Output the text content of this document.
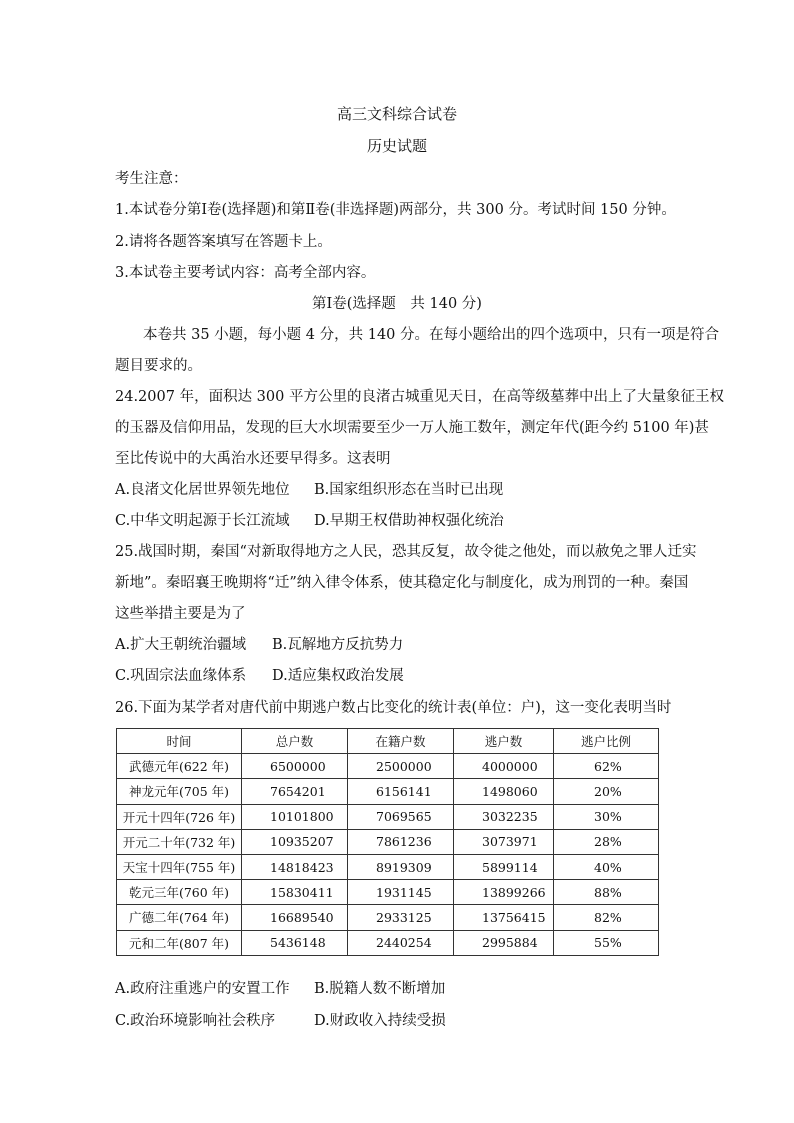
高三文科综合试卷
历史试题
考生注意：
1.本试卷分第Ⅰ卷(选择题)和第Ⅱ卷(非选择题)两部分，共 300 分。考试时间 150 分钟。
2.请将各题答案填写在答题卡上。
3.本试卷主要考试内容：高考全部内容。
第Ⅰ卷(选择题　共 140 分)
本卷共 35 小题，每小题 4 分，共 140 分。在每小题给出的四个选项中，只有一项是符合
题目要求的。
24.2007 年，面积达 300 平方公里的良渚古城重见天日，在高等级墓葬中出上了大量象征王权
的玉器及信仰用品，发现的巨大水坝需要至少一万人施工数年，测定年代(距今约 5100 年)甚
至比传说中的大禹治水还要早得多。这表明
A.良渚文化居世界领先地位 B.国家组织形态在当时已出现
C.中华文明起源于长江流域 D.早期王权借助神权强化统治
25.战国时期，秦国“对新取得地方之人民，恐其反复，故令徙之他处，而以赦免之罪人迁实
新地”。秦昭襄王晚期将“迁”纳入律令体系，使其稳定化与制度化，成为刑罚的一种。秦国
这些举措主要是为了
A.扩大王朝统治疆域 B.瓦解地方反抗势力
C.巩固宗法血缘体系 D.适应集权政治发展
26.下面为某学者对唐代前中期逃户数占比变化的统计表(单位：户)，这一变化表明当时
时间	总户数	在籍户数	逃户数	逃户比例
武德元年(622 年)	6500000	2500000	4000000	62%
神龙元年(705 年)	7654201	6156141	1498060	20%
开元十四年(726 年)	10101800	7069565	3032235	30%
开元二十年(732 年)	10935207	7861236	3073971	28%
天宝十四年(755 年)	14818423	8919309	5899114	40%
乾元三年(760 年)	15830411	1931145	13899266	88%
广德二年(764 年)	16689540	2933125	13756415	82%
元和二年(807 年)	5436148	2440254	2995884	55%
A.政府注重逃户的安置工作 B.脱籍人数不断增加
C.政治环境影响社会秩序	D.财政收入持续受损
